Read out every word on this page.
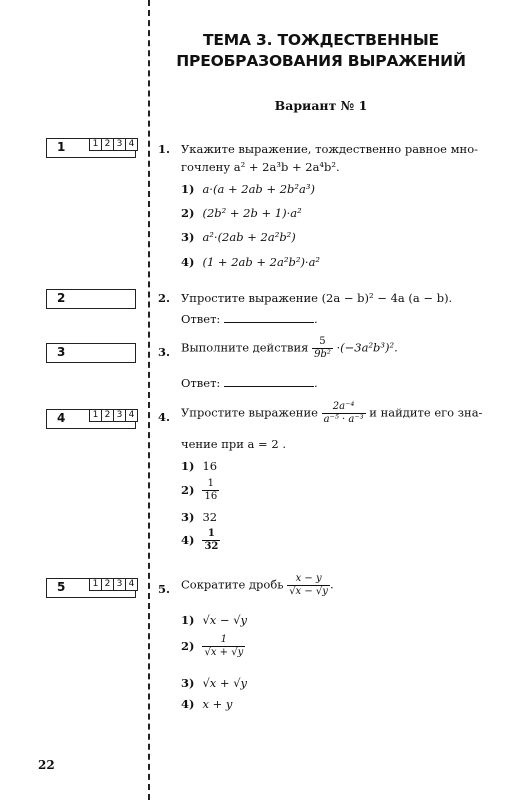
ТЕМА 3. ТОЖДЕСТВЕННЫЕ
ПРЕОБРАЗОВАНИЯ ВЫРАЖЕНИЙ
Вариант № 1
1	1 2 3 4
2
3
4	1 2 3 4
5	1 2 3 4
1. Укажите выражение, тождественно равное мно-
гочлену a² + 2a³b + 2a⁴b².
1) a·(a + 2ab + 2b²a³)
2) (2b² + 2b + 1)·a²
3) a²·(2ab + 2a²b²)
4) (1 + 2ab + 2a²b²)·a²
2. Упростите выражение (2a − b)² − 4a (a − b).
Ответ:	.
3. Выполните действия $\frac{5}{\text{9b²}} \cdot(-3a^2b^3)^2$.
Ответ:	.
4. Упростите выражение $\frac{\text{2a⁻⁴}}{\text{a⁻⁵ · a⁻³}}$ и найдите его зна-
чение при a = 2 .
1) 16
$2) \frac{1}{16}$
3) 32
$4) \frac{1}{32}$
5. Сократите дробь $\frac{x - y}{√x - √y}$ .
1) √x − √y
$2) \frac{1}{√x + √y}$
3) √x + √y
4) x + y
22
